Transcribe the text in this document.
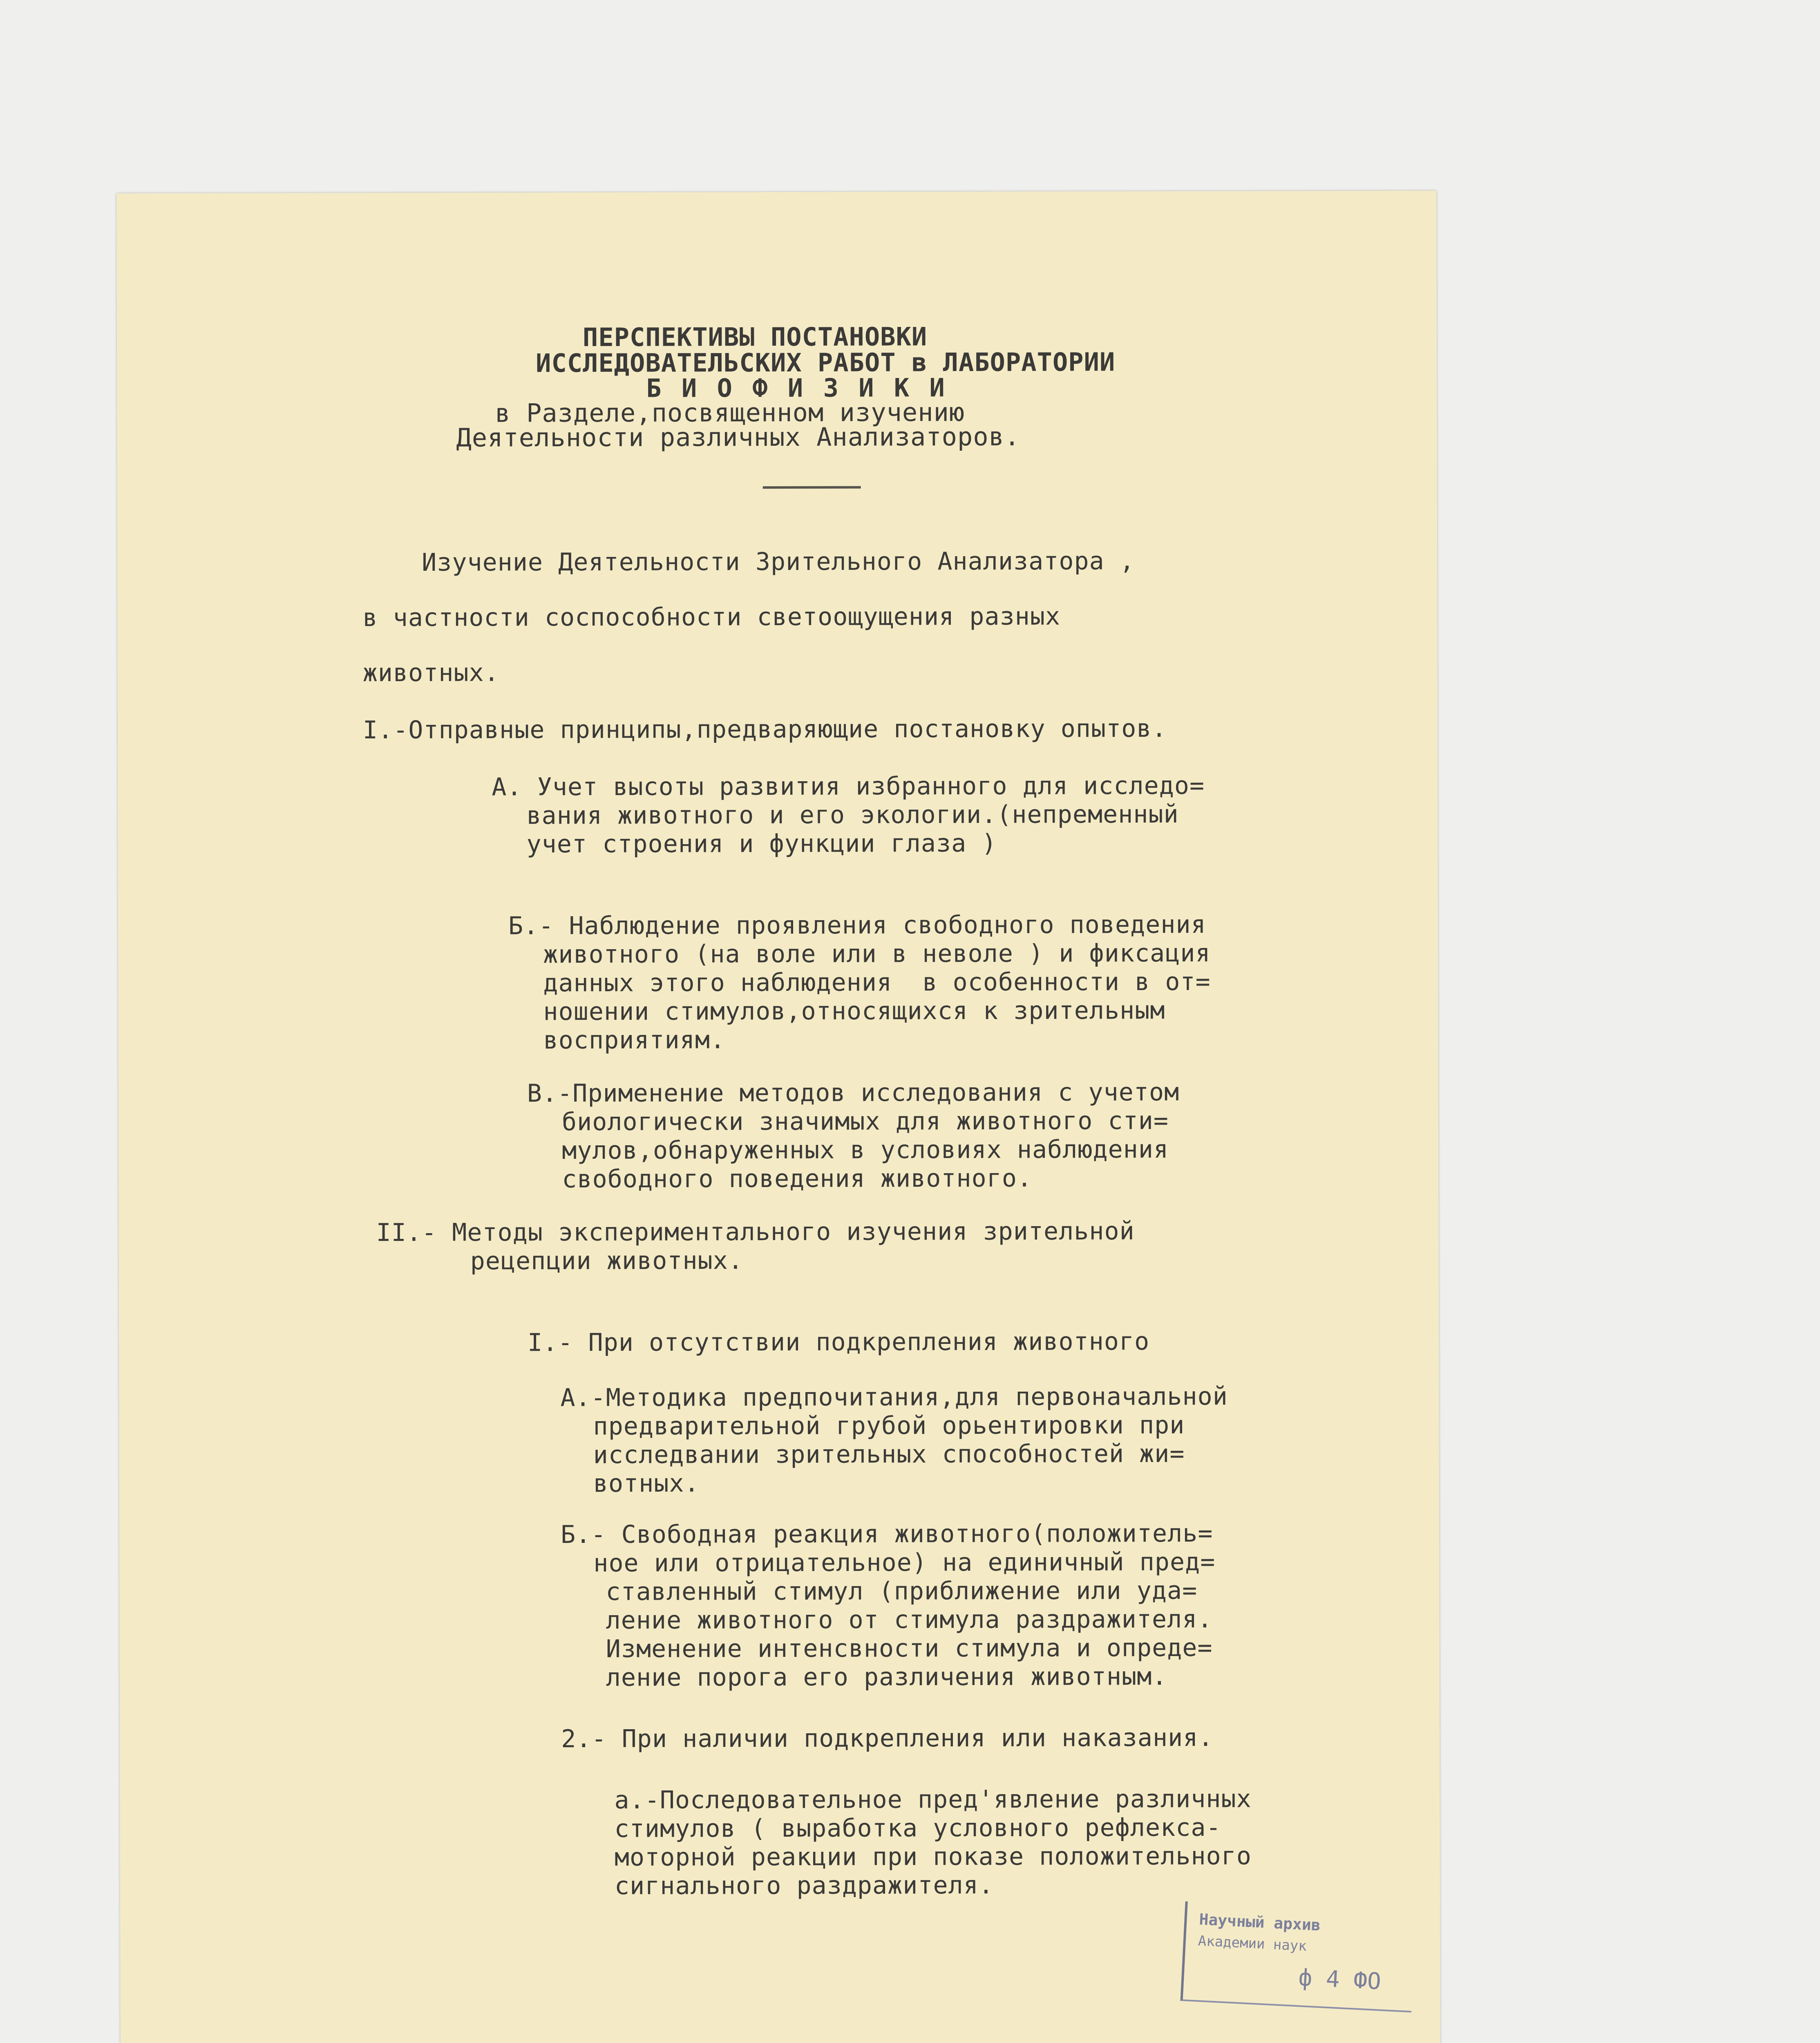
ПЕРСПЕКТИВЫ ПОСТАНОВКИ
ИССЛЕДОВАТЕЛЬСКИХ РАБОТ в ЛАБОРАТОРИИ
Б И О Ф И З И К И
в Разделе,посвященном изучению
Деятельности различных Анализаторов.
Изучение Деятельности Зрительного Анализатора ,
в частности соспособности светоощущения разных
животных.
I.-Отправные принципы,предваряющие постановку опытов.
А. Учет высоты развития избранного для исследо=
вания животного и его экологии.(непременный
учет строения и функции глаза )
Б.- Наблюдение проявления свободного поведения
животного (на воле или в неволе ) и фиксация
данных этого наблюдения  в особенности в от=
ношении стимулов,относящихся к зрительным
восприятиям.
В.-Применение методов исследования с учетом
биологически значимых для животного сти=
мулов,обнаруженных в условиях наблюдения
свободного поведения животного.
II.- Методы экспериментального изучения зрительной
рецепции животных.
I.- При отсутствии подкрепления животного
А.-Методика предпочитания,для первоначальной
предварительной грубой орьентировки при
исследвании зрительных способностей жи=
вотных.
Б.- Свободная реакция животного(положитель=
ное или отрицательное) на единичный пред=
ставленный стимул (приближение или уда=
ление животного от стимула раздражителя.
Изменение интенсвности стимула и опреде=
ление порога его различения животным.
2.- При наличии подкрепления или наказания.
а.-Последовательное пред'явление различных
стимулов ( выработка условного рефлекса-
моторной реакции при показе положительного
сигнального раздражителя.
Научный архив
Академии наук
ф 4 ФО
